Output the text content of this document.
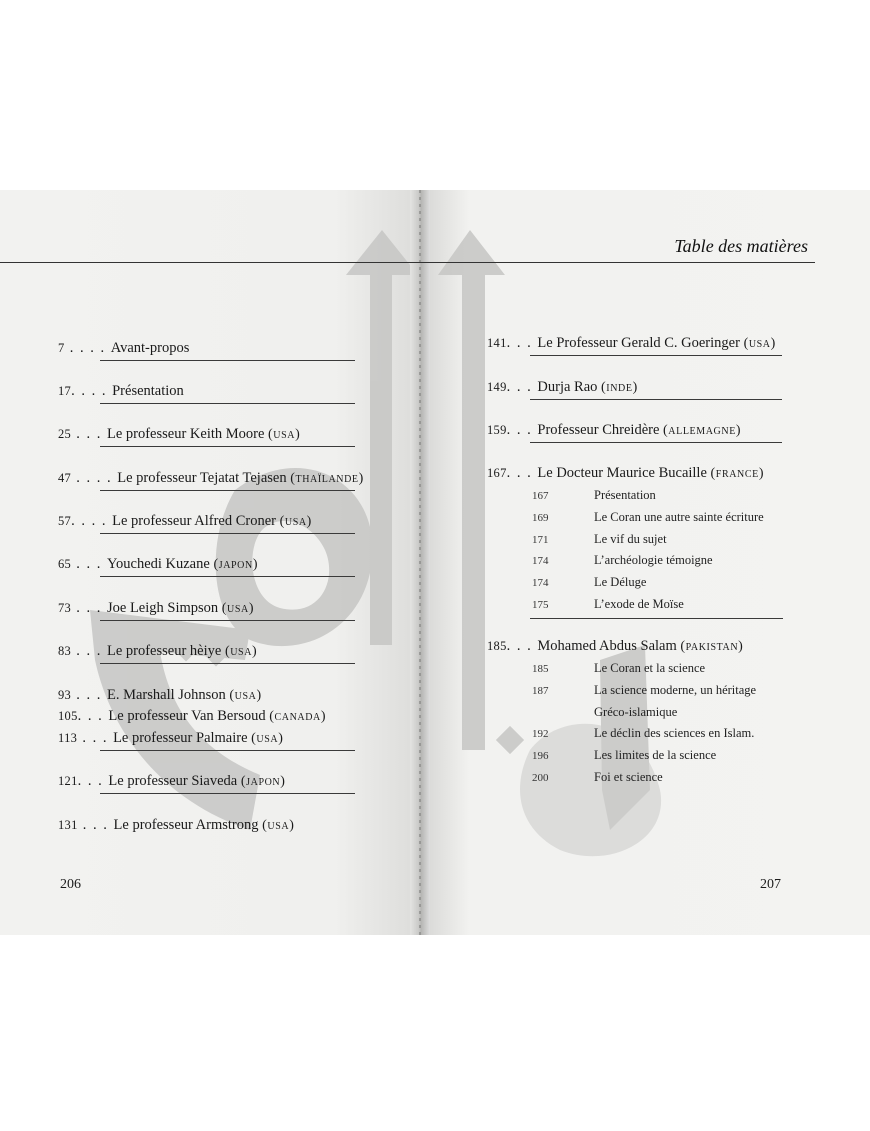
Table des matières
7 . . . . Avant-propos
17. . . . Présentation
25 . . . Le professeur Keith Moore (usa)
47 . . . . Le professeur Tejatat Tejasen (thaïlande)
57. . . . Le professeur Alfred Croner (usa)
65 . . . Youchedi Kuzane (japon)
73 . . . Joe Leigh Simpson (usa)
83 . . . Le professeur hèiye (usa)
93 . . . E. Marshall Johnson (usa)
105. . . Le professeur Van Bersoud (canada)
113 . . . Le professeur Palmaire (usa)
121. . . Le professeur Siaveda (japon)
131 . . . Le professeur Armstrong (usa)
206
141. . . Le Professeur Gerald C. Goeringer (usa)
149. . . Durja Rao (inde)
159. . . Professeur Chreidère (allemagne)
167. . . Le Docteur Maurice Bucaille (france)
185. . . Mohamed Abdus Salam (pakistan)
167	Présentation
169	Le Coran une autre sainte écriture
171	Le vif du sujet
174	L’archéologie témoigne
174	Le Déluge
175	L’exode de Moïse
185	Le Coran et la science
187	La science moderne, un héritage
Gréco-islamique
192	Le déclin des sciences en Islam.
196	Les limites de la science
200	Foi et science
207
